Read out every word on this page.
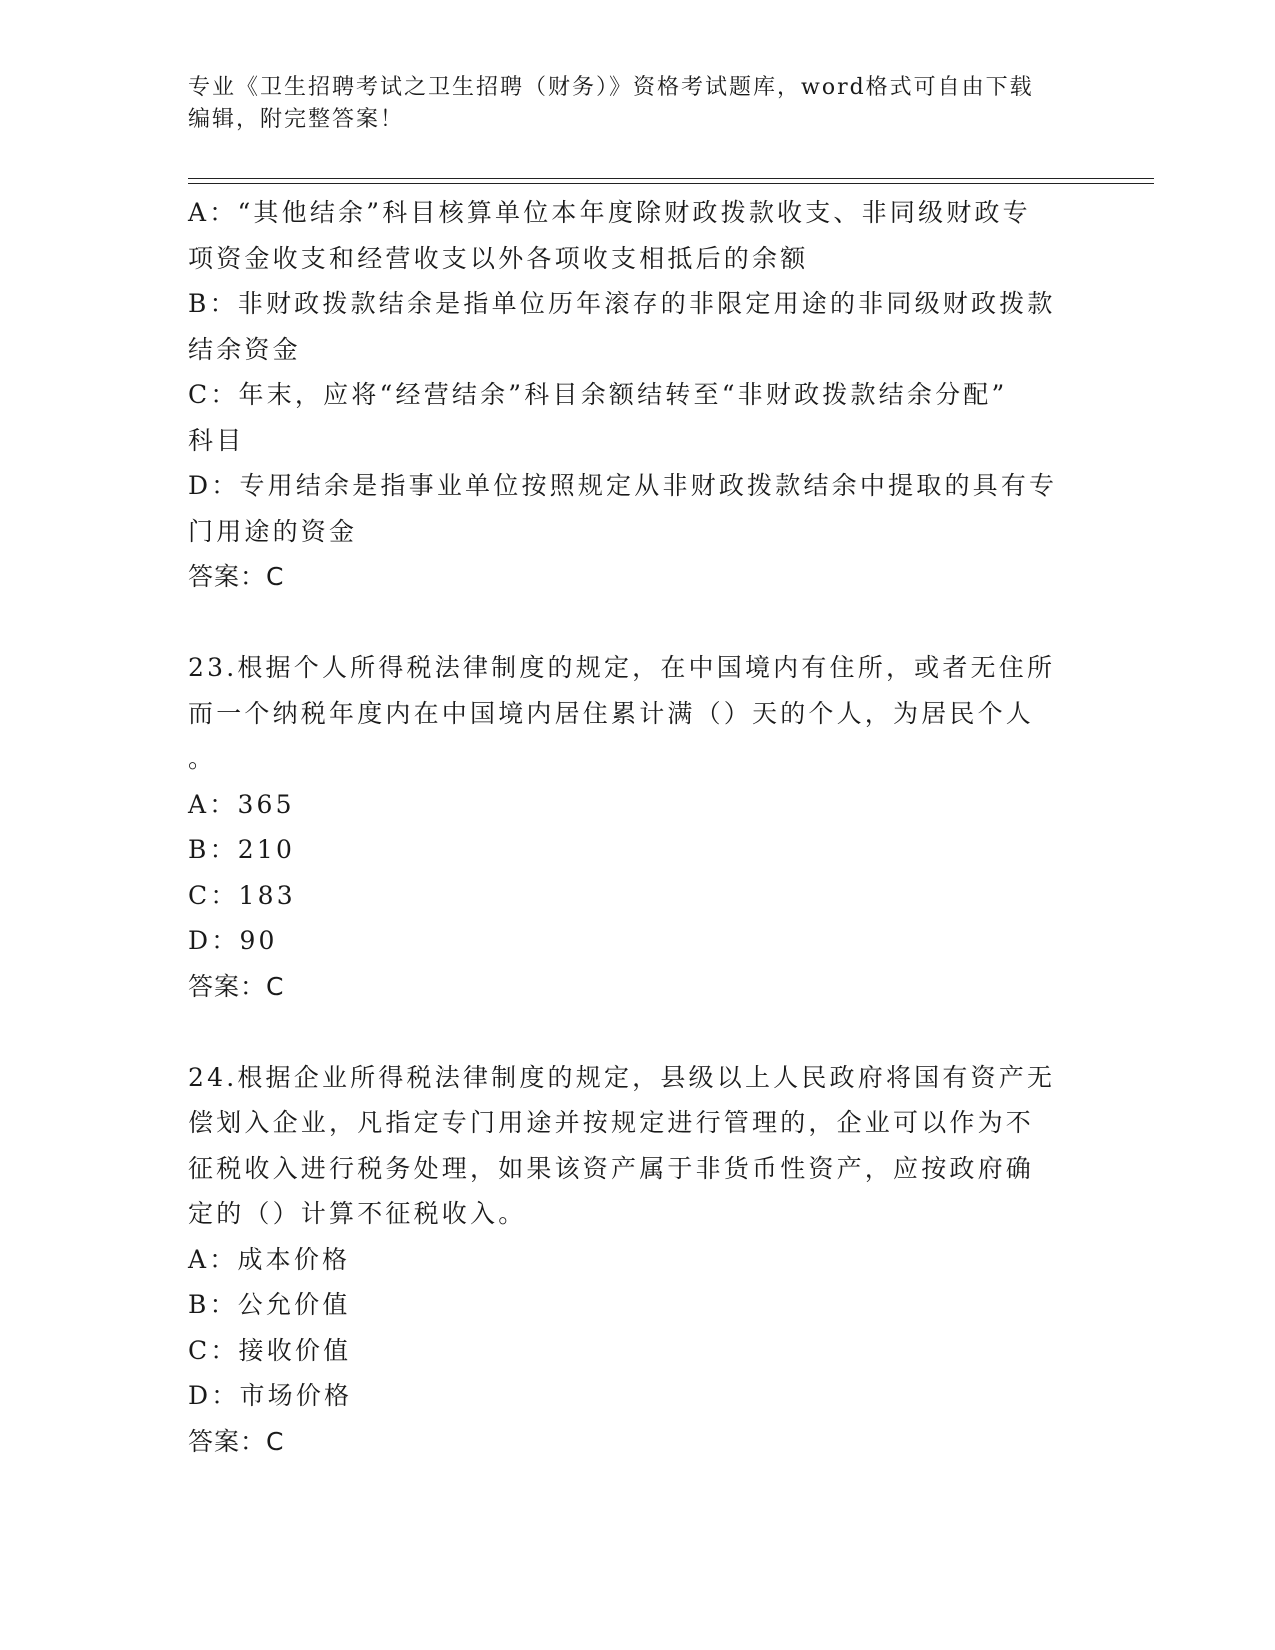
专业《卫生招聘考试之卫生招聘（财务）》资格考试题库，word格式可自由下载
编辑，附完整答案！
A：“其他结余”科目核算单位本年度除财政拨款收支、非同级财政专
项资金收支和经营收支以外各项收支相抵后的余额
B：非财政拨款结余是指单位历年滚存的非限定用途的非同级财政拨款
结余资金
C：年末，应将“经营结余”科目余额结转至“非财政拨款结余分配”
科目
D：专用结余是指事业单位按照规定从非财政拨款结余中提取的具有专
门用途的资金
答案：C
23.根据个人所得税法律制度的规定，在中国境内有住所，或者无住所
而一个纳税年度内在中国境内居住累计满（）天的个人，为居民个人
。
A：365
B：210
C：183
D：90
答案：C
24.根据企业所得税法律制度的规定，县级以上人民政府将国有资产无
偿划入企业，凡指定专门用途并按规定进行管理的，企业可以作为不
征税收入进行税务处理，如果该资产属于非货币性资产，应按政府确
定的（）计算不征税收入。
A：成本价格
B：公允价值
C：接收价值
D：市场价格
答案：C
